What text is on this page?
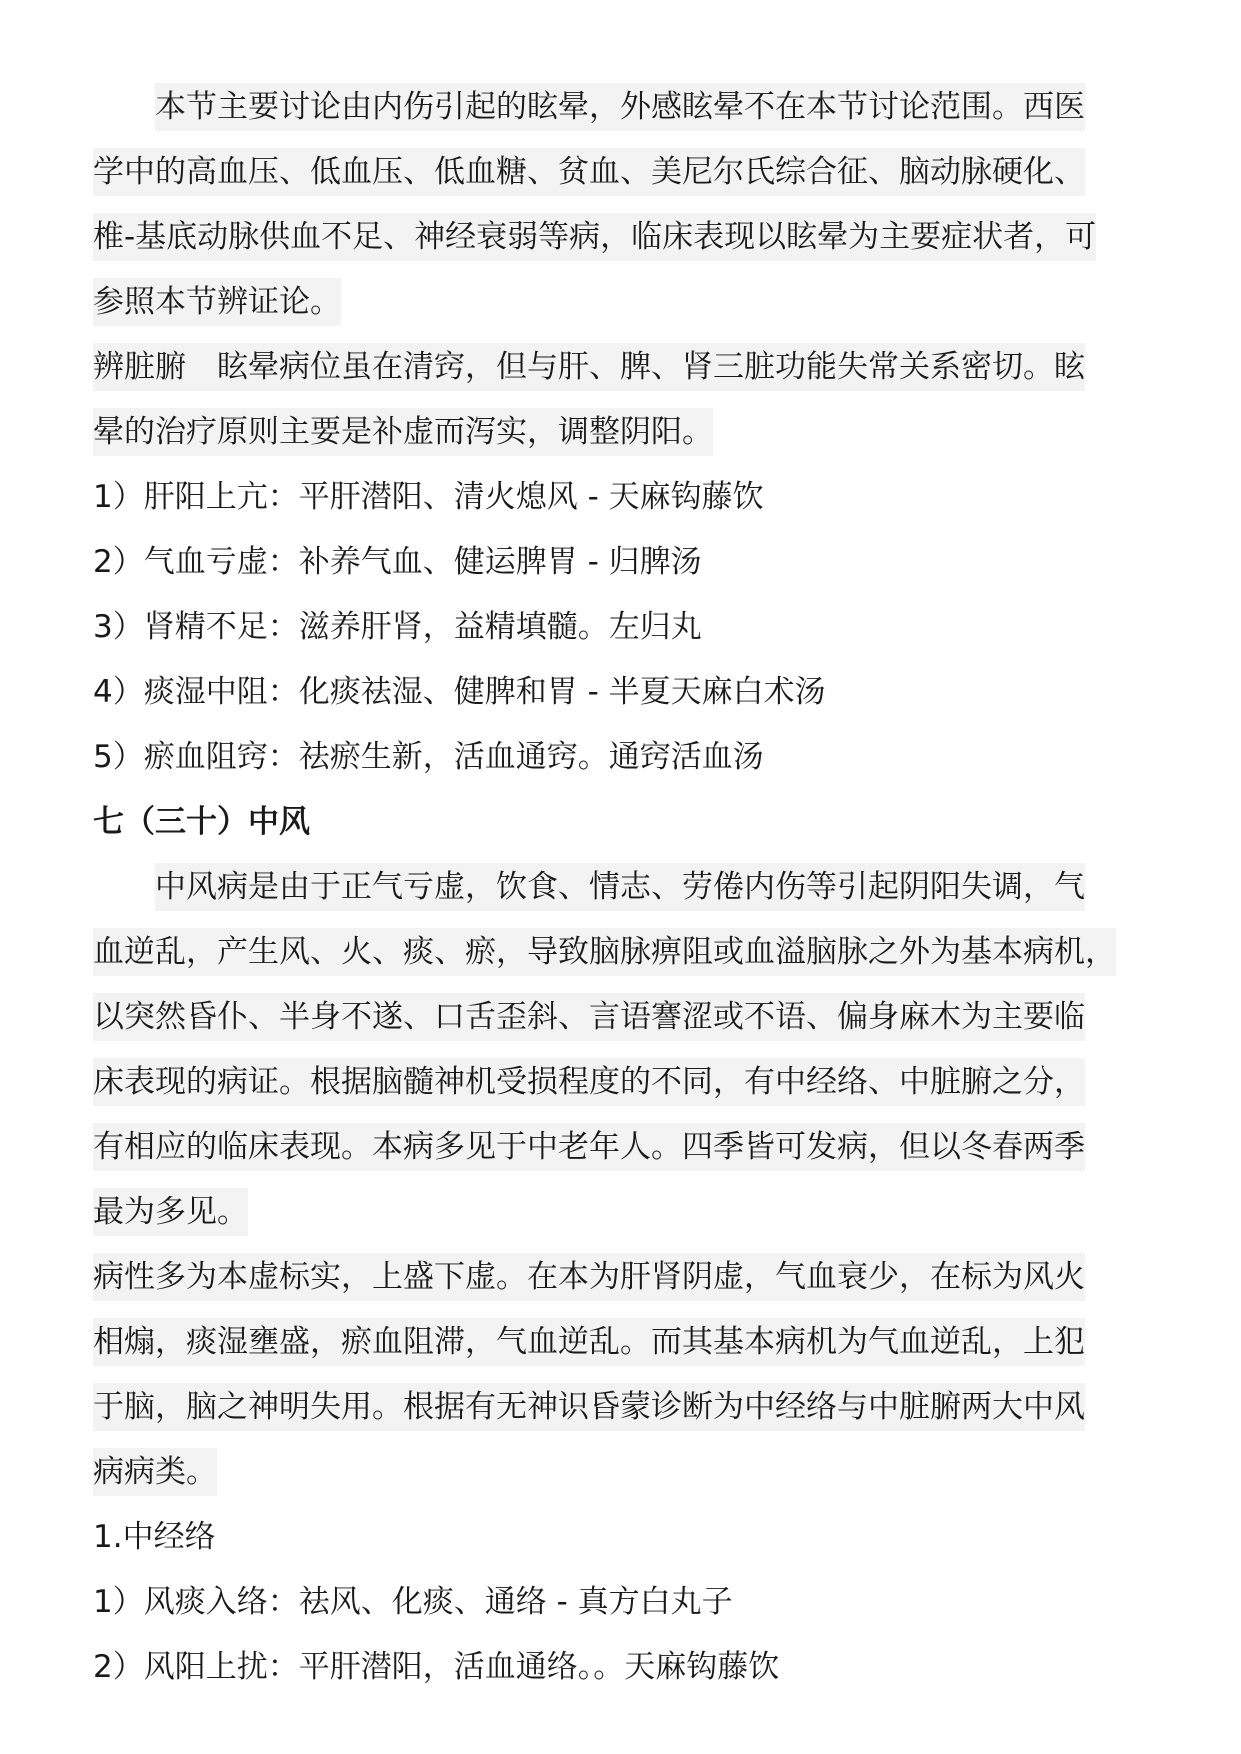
本节主要讨论由内伤引起的眩晕，外感眩晕不在本节讨论范围。西医
学中的高血压、低血压、低血糖、贫血、美尼尔氏综合征、脑动脉硬化、
椎-基底动脉供血不足、神经衰弱等病，临床表现以眩晕为主要症状者，可
参照本节辨证论。
辨脏腑　眩晕病位虽在清窍，但与肝、脾、肾三脏功能失常关系密切。眩
晕的治疗原则主要是补虚而泻实，调整阴阳。
1）肝阳上亢：平肝潜阳、清火熄风 - 天麻钩藤饮
2）气血亏虚：补养气血、健运脾胃 - 归脾汤
3）肾精不足：滋养肝肾，益精填髓。左归丸
4）痰湿中阻：化痰祛湿、健脾和胃 - 半夏天麻白术汤
5）瘀血阻窍：祛瘀生新，活血通窍。通窍活血汤
七（三十）中风
中风病是由于正气亏虚，饮食、情志、劳倦内伤等引起阴阳失调，气
血逆乱，产生风、火、痰、瘀，导致脑脉痹阻或血溢脑脉之外为基本病机，
以突然昏仆、半身不遂、口舌歪斜、言语謇涩或不语、偏身麻木为主要临
床表现的病证。根据脑髓神机受损程度的不同，有中经络、中脏腑之分，
有相应的临床表现。本病多见于中老年人。四季皆可发病，但以冬春两季
最为多见。
病性多为本虚标实，上盛下虚。在本为肝肾阴虚，气血衰少，在标为风火
相煽，痰湿壅盛，瘀血阻滞，气血逆乱。而其基本病机为气血逆乱，上犯
于脑，脑之神明失用。根据有无神识昏蒙诊断为中经络与中脏腑两大中风
病病类。
1.中经络
1）风痰入络：祛风、化痰、通络 - 真方白丸子
2）风阳上扰：平肝潜阳，活血通络。。天麻钩藤饮
